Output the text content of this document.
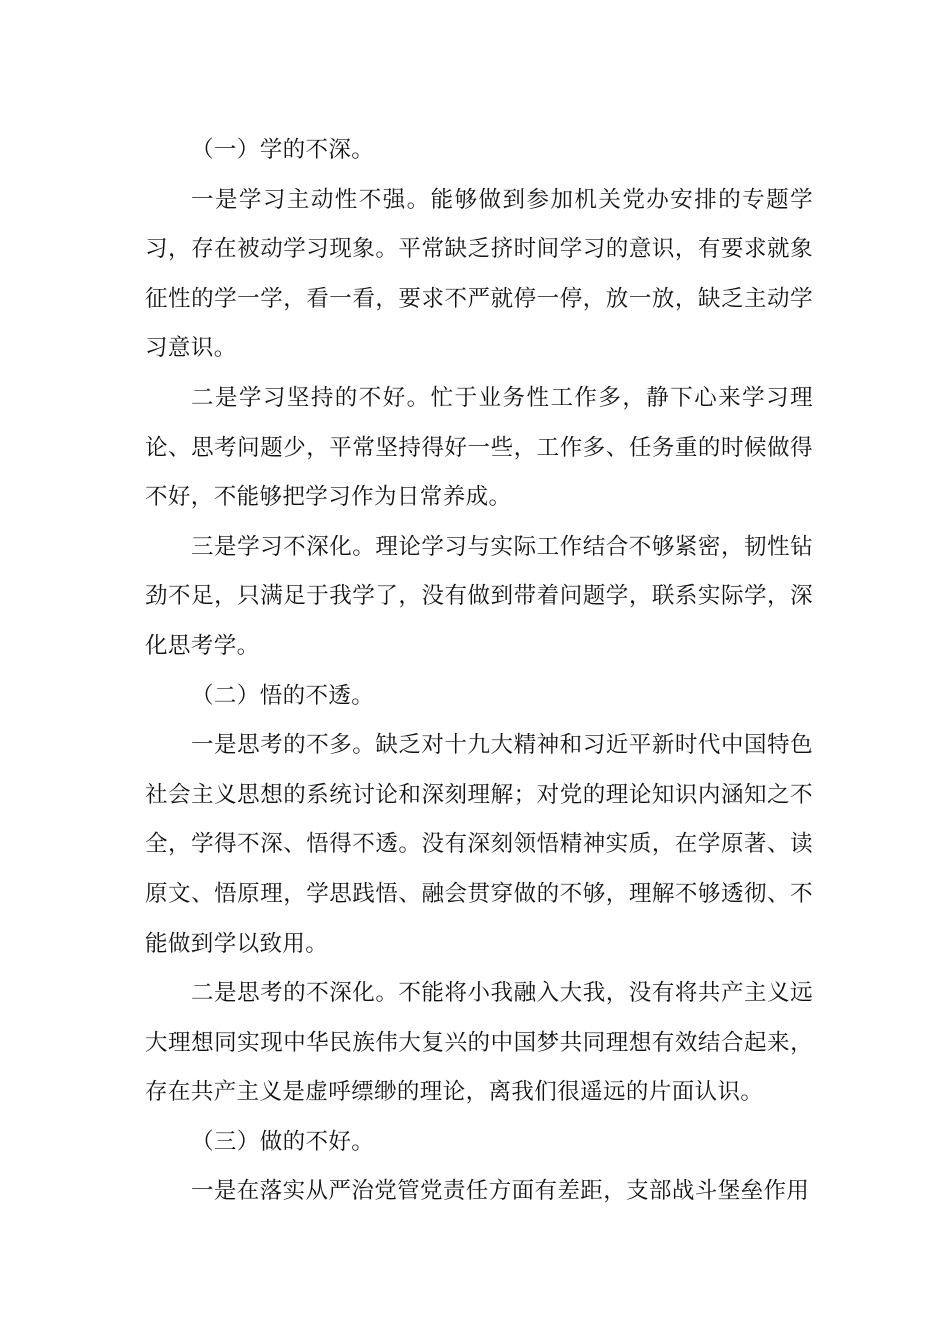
（一）学的不深。

一是学习主动性不强。能够做到参加机关党办安排的专题学习，存在被动学习现象。平常缺乏挤时间学习的意识，有要求就象征性的学一学，看一看，要求不严就停一停，放一放，缺乏主动学习意识。

二是学习坚持的不好。忙于业务性工作多，静下心来学习理论、思考问题少，平常坚持得好一些，工作多、任务重的时候做得不好，不能够把学习作为日常养成。

三是学习不深化。理论学习与实际工作结合不够紧密，韧性钻劲不足，只满足于我学了，没有做到带着问题学，联系实际学，深化思考学。

（二）悟的不透。

一是思考的不多。缺乏对十九大精神和习近平新时代中国特色社会主义思想的系统讨论和深刻理解；对党的理论知识内涵知之不全，学得不深、悟得不透。没有深刻领悟精神实质，在学原著、读原文、悟原理，学思践悟、融会贯穿做的不够，理解不够透彻、不能做到学以致用。

二是思考的不深化。不能将小我融入大我，没有将共产主义远大理想同实现中华民族伟大复兴的中国梦共同理想有效结合起来，存在共产主义是虚呼缥缈的理论，离我们很遥远的片面认识。

（三）做的不好。

一是在落实从严治党管党责任方面有差距，支部战斗堡垒作用
